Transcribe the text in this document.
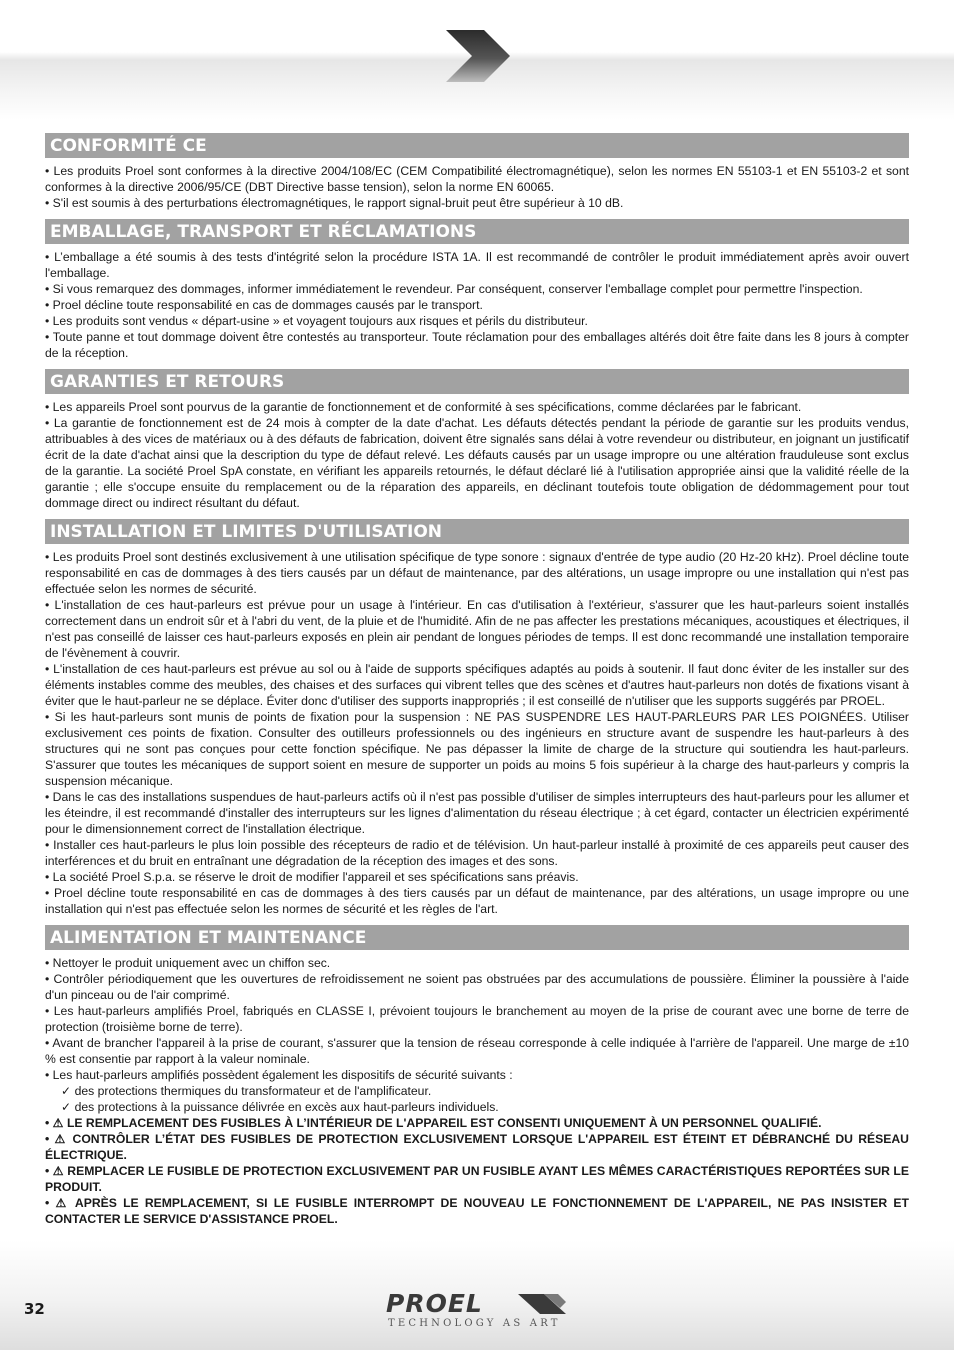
CONFORMITÉ CE

• Les produits Proel sont conformes à la directive 2004/108/EC (CEM Compatibilité électromagnétique), selon les normes EN 55103-1 et EN 55103-2 et sont conformes à la directive 2006/95/CE (DBT Directive basse tension), selon la norme EN 60065.

• S'il est soumis à des perturbations électromagnétiques, le rapport signal-bruit peut être supérieur à 10 dB.

EMBALLAGE, TRANSPORT ET RÉCLAMATIONS

• L’emballage a été soumis à des tests d'intégrité selon la procédure ISTA 1A. Il est recommandé de contrôler le produit immédiatement après avoir ouvert l'emballage.

• Si vous remarquez des dommages, informer immédiatement le revendeur. Par conséquent, conserver l'emballage complet pour permettre l'inspection.

• Proel décline toute responsabilité en cas de dommages causés par le transport.

• Les produits sont vendus « départ-usine » et voyagent toujours aux risques et périls du distributeur.

• Toute panne et tout dommage doivent être contestés au transporteur. Toute réclamation pour des emballages altérés doit être faite dans les 8 jours à compter de la réception.

GARANTIES ET RETOURS

• Les appareils Proel sont pourvus de la garantie de fonctionnement et de conformité à ses spécifications, comme déclarées par le fabricant.

• La garantie de fonctionnement est de 24 mois à compter de la date d'achat. Les défauts détectés pendant la période de garantie sur les produits vendus, attribuables à des vices de matériaux ou à des défauts de fabrication, doivent être signalés sans délai à votre revendeur ou distributeur, en joignant un justificatif écrit de la date d'achat ainsi que la description du type de défaut relevé. Les défauts causés par un usage impropre ou une altération frauduleuse sont exclus de la garantie. La société Proel SpA constate, en vérifiant les appareils retournés, le défaut déclaré lié à l'utilisation appropriée ainsi que la validité réelle de la garantie ; elle s'occupe ensuite du remplacement ou de la réparation des appareils, en déclinant toutefois toute obligation de dédommagement pour tout dommage direct ou indirect résultant du défaut.

INSTALLATION ET LIMITES D'UTILISATION

• Les produits Proel sont destinés exclusivement à une utilisation spécifique de type sonore : signaux d'entrée de type audio (20 Hz-20 kHz). Proel décline toute responsabilité en cas de dommages à des tiers causés par un défaut de maintenance, par des altérations, un usage impropre ou une installation qui n'est pas effectuée selon les normes de sécurité.

• L'installation de ces haut-parleurs est prévue pour un usage à l'intérieur. En cas d'utilisation à l'extérieur, s'assurer que les haut-parleurs soient installés correctement dans un endroit sûr et à l'abri du vent, de la pluie et de l'humidité. Afin de ne pas affecter les prestations mécaniques, acoustiques et électriques, il n'est pas conseillé de laisser ces haut-parleurs exposés en plein air pendant de longues périodes de temps. Il est donc recommandé une installation temporaire de l'évènement à couvrir.

• L'installation de ces haut-parleurs est prévue au sol ou à l'aide de supports spécifiques adaptés au poids à soutenir. Il faut donc éviter de les installer sur des éléments instables comme des meubles, des chaises et des surfaces qui vibrent telles que des scènes et d'autres haut-parleurs non dotés de fixations visant à éviter que le haut-parleur ne se déplace. Éviter donc d'utiliser des supports inappropriés ; il est conseillé de n'utiliser que les supports suggérés par PROEL.

• Si les haut-parleurs sont munis de points de fixation pour la suspension : NE PAS SUSPENDRE LES HAUT-PARLEURS PAR LES POIGNÉES. Utiliser exclusivement ces points de fixation. Consulter des outilleurs professionnels ou des ingénieurs en structure avant de suspendre les haut-parleurs à des structures qui ne sont pas conçues pour cette fonction spécifique. Ne pas dépasser la limite de charge de la structure qui soutiendra les haut-parleurs. S'assurer que toutes les mécaniques de support soient en mesure de supporter un poids au moins 5 fois supérieur à la charge des haut-parleurs y compris la suspension mécanique.

• Dans le cas des installations suspendues de haut-parleurs actifs où il n'est pas possible d'utiliser de simples interrupteurs des haut-parleurs pour les allumer et les éteindre, il est recommandé d'installer des interrupteurs sur les lignes d'alimentation du réseau électrique ; à cet égard, contacter un électricien expérimenté pour le dimensionnement correct de l'installation électrique.

• Installer ces haut-parleurs le plus loin possible des récepteurs de radio et de télévision. Un haut-parleur installé à proximité de ces appareils peut causer des interférences et du bruit en entraînant une dégradation de la réception des images et des sons.

• La société Proel S.p.a. se réserve le droit de modifier l'appareil et ses spécifications sans préavis.

• Proel décline toute responsabilité en cas de dommages à des tiers causés par un défaut de maintenance, par des altérations, un usage impropre ou une installation qui n'est pas effectuée selon les normes de sécurité et les règles de l'art.

ALIMENTATION ET MAINTENANCE

• Nettoyer le produit uniquement avec un chiffon sec.

• Contrôler périodiquement que les ouvertures de refroidissement ne soient pas obstruées par des accumulations de poussière. Éliminer la poussière à l'aide d'un pinceau ou de l'air comprimé.

• Les haut-parleurs amplifiés Proel, fabriqués en CLASSE I, prévoient toujours le branchement au moyen de la prise de courant avec une borne de terre de protection (troisième borne de terre).

• Avant de brancher l'appareil à la prise de courant, s'assurer que la tension de réseau corresponde à celle indiquée à l'arrière de l'appareil. Une marge de ±10 % est consentie par rapport à la valeur nominale.

• Les haut-parleurs amplifiés possèdent également les dispositifs de sécurité suivants :

✓ des protections thermiques du transformateur et de l'amplificateur.

✓ des protections à la puissance délivrée en excès aux haut-parleurs individuels.

• ⚠ LE REMPLACEMENT DES FUSIBLES À L’INTÉRIEUR DE L'APPAREIL EST CONSENTI UNIQUEMENT À UN PERSONNEL QUALIFIÉ.

• ⚠ CONTRÔLER L’ÉTAT DES FUSIBLES DE PROTECTION EXCLUSIVEMENT LORSQUE L'APPAREIL EST ÉTEINT ET DÉBRANCHÉ DU RÉSEAU ÉLECTRIQUE.

• ⚠ REMPLACER LE FUSIBLE DE PROTECTION EXCLUSIVEMENT PAR UN FUSIBLE AYANT LES MÊMES CARACTÉRISTIQUES REPORTÉES SUR LE PRODUIT.

• ⚠ APRÈS LE REMPLACEMENT, SI LE FUSIBLE INTERROMPT DE NOUVEAU LE FONCTIONNEMENT DE L'APPAREIL, NE PAS INSISTER ET CONTACTER LE SERVICE D'ASSISTANCE PROEL.

32	PROEL
TECHNOLOGY AS ART
